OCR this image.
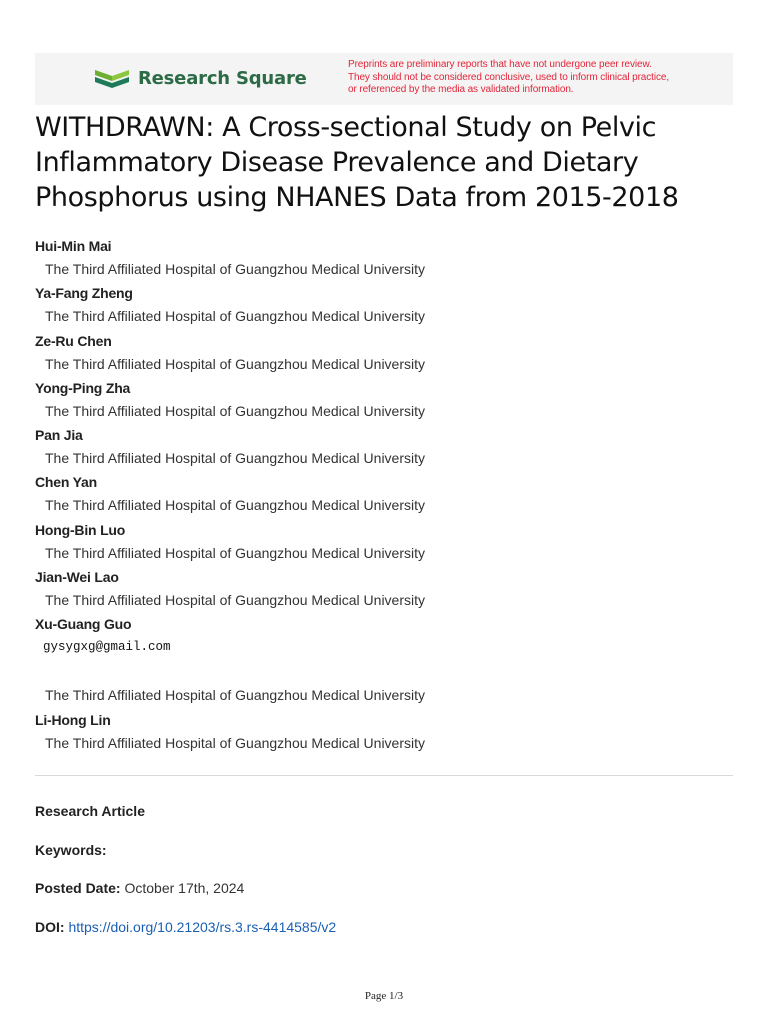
Research Square
Preprints are preliminary reports that have not undergone peer review.
They should not be considered conclusive, used to inform clinical practice,
or referenced by the media as validated information.
WITHDRAWN: A Cross-sectional Study on Pelvic
Inflammatory Disease Prevalence and Dietary
Phosphorus using NHANES Data from 2015-2018
Hui-Min Mai
The Third Affiliated Hospital of Guangzhou Medical University
Ya-Fang Zheng
The Third Affiliated Hospital of Guangzhou Medical University
Ze-Ru Chen
The Third Affiliated Hospital of Guangzhou Medical University
Yong-Ping Zha
The Third Affiliated Hospital of Guangzhou Medical University
Pan Jia
The Third Affiliated Hospital of Guangzhou Medical University
Chen Yan
The Third Affiliated Hospital of Guangzhou Medical University
Hong-Bin Luo
The Third Affiliated Hospital of Guangzhou Medical University
Jian-Wei Lao
The Third Affiliated Hospital of Guangzhou Medical University
Xu-Guang Guo
gysygxg@gmail.com
The Third Affiliated Hospital of Guangzhou Medical University
Li-Hong Lin
The Third Affiliated Hospital of Guangzhou Medical University
Research Article
Keywords:
Posted Date: October 17th, 2024
DOI: https://doi.org/10.21203/rs.3.rs-4414585/v2
Page 1/3
